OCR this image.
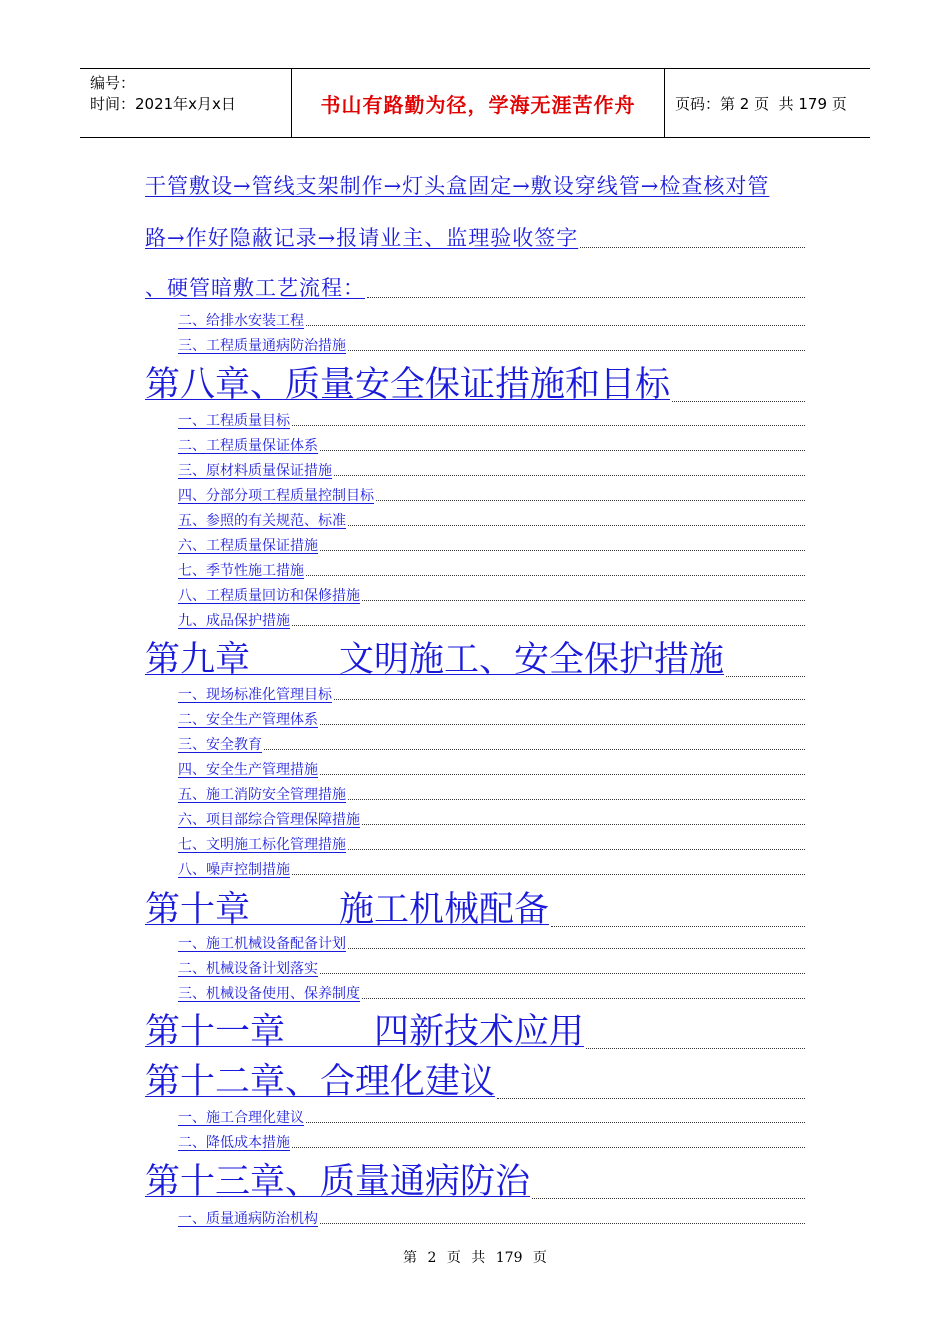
编号：
时间：2021年x月x日	书山有路勤为径，学海无涯苦作舟	页码：第 2 页  共 179 页
干管敷设→管线支架制作→灯头盒固定→敷设穿线管→检查核对管
路→作好隐蔽记录→报请业主、监理验收签字
、硬管暗敷工艺流程：
二、给排水安装工程
三、工程质量通病防治措施
第八章、质量安全保证措施和目标
一、工程质量目标
二、工程质量保证体系
三、原材料质量保证措施
四、分部分项工程质量控制目标
五、参照的有关规范、标准
六、工程质量保证措施
七、季节性施工措施
八、工程质量回访和保修措施
九、成品保护措施
第九章        文明施工、安全保护措施
一、现场标准化管理目标
二、安全生产管理体系
三、安全教育
四、安全生产管理措施
五、施工消防安全管理措施
六、项目部综合管理保障措施
七、文明施工标化管理措施
八、噪声控制措施
第十章        施工机械配备
一、施工机械设备配备计划
二、机械设备计划落实
三、机械设备使用、保养制度
第十一章        四新技术应用
第十二章、合理化建议
一、施工合理化建议
二、降低成本措施
第十三章、质量通病防治
一、质量通病防治机构
第 2 页 共 179 页
